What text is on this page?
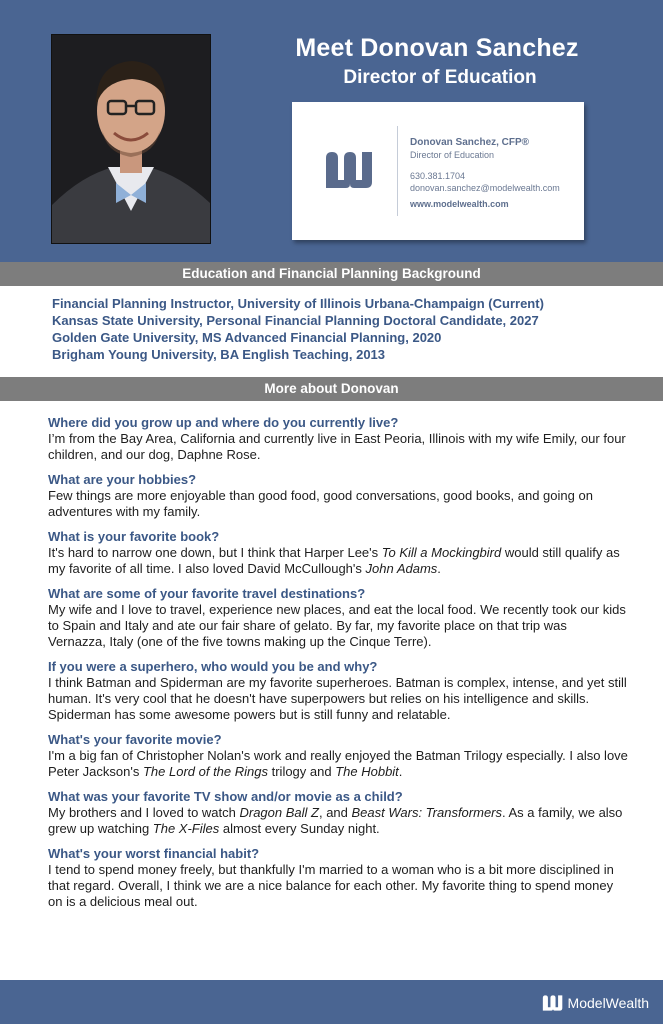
Meet Donovan Sanchez
Director of Education
Donovan Sanchez, CFP®
Director of Education
630.381.1704
donovan.sanchez@modelwealth.com
www.modelwealth.com
Education and Financial Planning Background
Financial Planning Instructor, University of Illinois Urbana-Champaign (Current)
Kansas State University, Personal Financial Planning Doctoral Candidate, 2027
Golden Gate University, MS Advanced Financial Planning, 2020
Brigham Young University, BA English Teaching, 2013
More about Donovan
Where did you grow up and where do you currently live?
I’m from the Bay Area, California and currently live in East Peoria, Illinois with my wife Emily, our four children, and our dog, Daphne Rose.
What are your hobbies?
Few things are more enjoyable than good food, good conversations, good books, and going on adventures with my family.
What is your favorite book?
It's hard to narrow one down, but I think that Harper Lee's To Kill a Mockingbird would still qualify as my favorite of all time. I also loved David McCullough's John Adams.
What are some of your favorite travel destinations?
My wife and I love to travel, experience new places, and eat the local food. We recently took our kids to Spain and Italy and ate our fair share of gelato. By far, my favorite place on that trip was Vernazza, Italy (one of the five towns making up the Cinque Terre).
If you were a superhero, who would you be and why?
I think Batman and Spiderman are my favorite superheroes. Batman is complex, intense, and yet still human. It's very cool that he doesn't have superpowers but relies on his intelligence and skills. Spiderman has some awesome powers but is still funny and relatable.
What's your favorite movie?
I'm a big fan of Christopher Nolan's work and really enjoyed the Batman Trilogy especially. I also love Peter Jackson's The Lord of the Rings trilogy and The Hobbit.
What was your favorite TV show and/or movie as a child?
My brothers and I loved to watch Dragon Ball Z, and Beast Wars: Transformers. As a family, we also grew up watching The X-Files almost every Sunday night.
What's your worst financial habit?
I tend to spend money freely, but thankfully I'm married to a woman who is a bit more disciplined in that regard. Overall, I think we are a nice balance for each other. My favorite thing to spend money on is a delicious meal out.
ModelWealth
